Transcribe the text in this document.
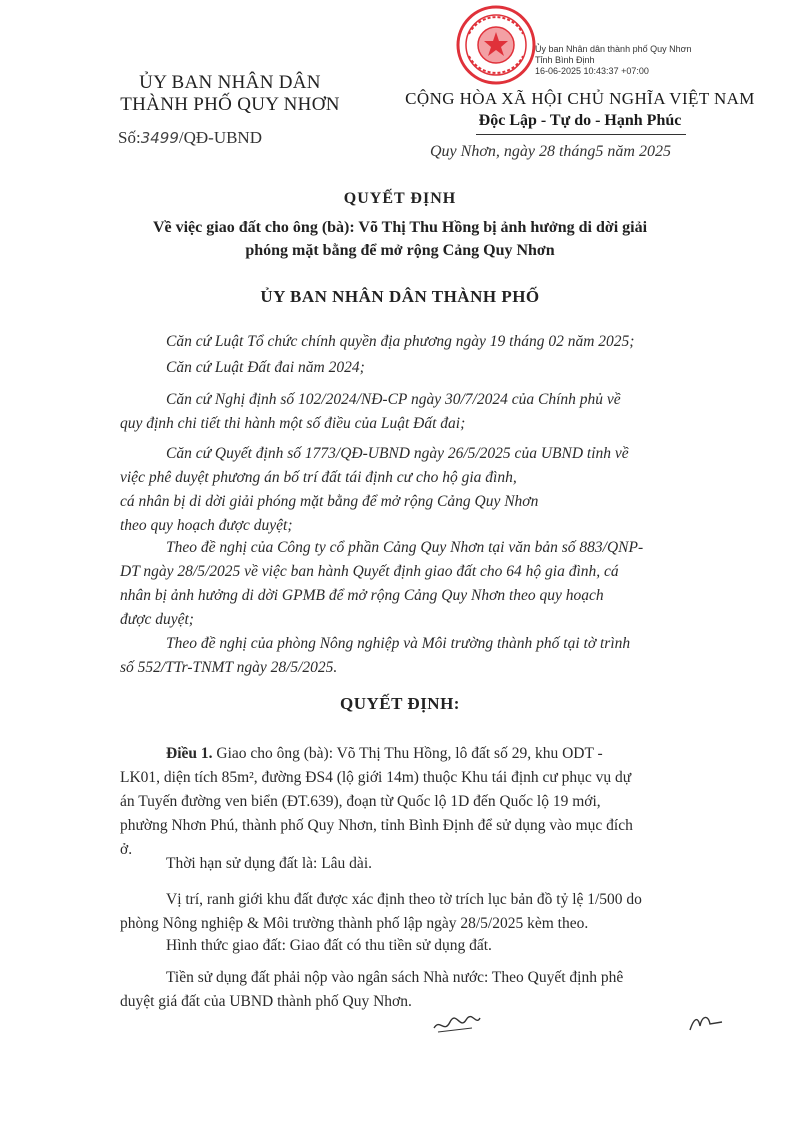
Ủy ban Nhân dân thành phố Quy Nhơn
Tỉnh Bình Định
16-06-2025 10:43:37 +07:00
ỦY BAN NHÂN DÂN
THÀNH PHỐ QUY NHƠN
Số:3499/QĐ-UBND
CỘNG HÒA XÃ HỘI CHỦ NGHĨA VIỆT NAM
Độc Lập - Tự do - Hạnh Phúc
Quy Nhơn, ngày 28 tháng5 năm 2025
QUYẾT ĐỊNH
Về việc giao đất cho ông (bà): Võ Thị Thu Hồng bị ảnh hưởng di dời giải
phóng mặt bằng để mở rộng Cảng Quy Nhơn
ỦY BAN NHÂN DÂN THÀNH PHỐ
Căn cứ Luật Tổ chức chính quyền địa phương ngày 19 tháng 02 năm 2025;
Căn cứ Luật Đất đai năm 2024;
Căn cứ Nghị định số 102/2024/NĐ-CP ngày 30/7/2024 của Chính phủ về
quy định chi tiết thi hành một số điều của Luật Đất đai;
Căn cứ Quyết định số 1773/QĐ-UBND ngày 26/5/2025 của UBND tỉnh về
việc phê duyệt phương án bố trí đất tái định cư cho hộ gia đình,
cá nhân bị di dời giải phóng mặt bằng để mở rộng Cảng Quy Nhơn
theo quy hoạch được duyệt;
Theo đề nghị của Công ty cổ phần Cảng Quy Nhơn tại văn bản số 883/QNP-
DT ngày 28/5/2025 về việc ban hành Quyết định giao đất cho 64 hộ gia đình, cá
nhân bị ảnh hưởng di dời GPMB để mở rộng Cảng Quy Nhơn theo quy hoạch
được duyệt;
Theo đề nghị của phòng Nông nghiệp và Môi trường thành phố tại tờ trình
số 552/TTr-TNMT ngày 28/5/2025.
QUYẾT ĐỊNH:
Điều 1. Giao cho ông (bà): Võ Thị Thu Hồng, lô đất số 29, khu ODT -
LK01, diện tích 85m², đường ĐS4 (lộ giới 14m) thuộc Khu tái định cư phục vụ dự
án Tuyến đường ven biển (ĐT.639), đoạn từ Quốc lộ 1D đến Quốc lộ 19 mới,
phường Nhơn Phú, thành phố Quy Nhơn, tỉnh Bình Định để sử dụng vào mục đích
ở.
Thời hạn sử dụng đất là: Lâu dài.
Vị trí, ranh giới khu đất được xác định theo tờ trích lục bản đồ tỷ lệ 1/500 do
phòng Nông nghiệp & Môi trường thành phố lập ngày 28/5/2025 kèm theo.
Hình thức giao đất: Giao đất có thu tiền sử dụng đất.
Tiền sử dụng đất phải nộp vào ngân sách Nhà nước: Theo Quyết định phê
duyệt giá đất của UBND thành phố Quy Nhơn.
